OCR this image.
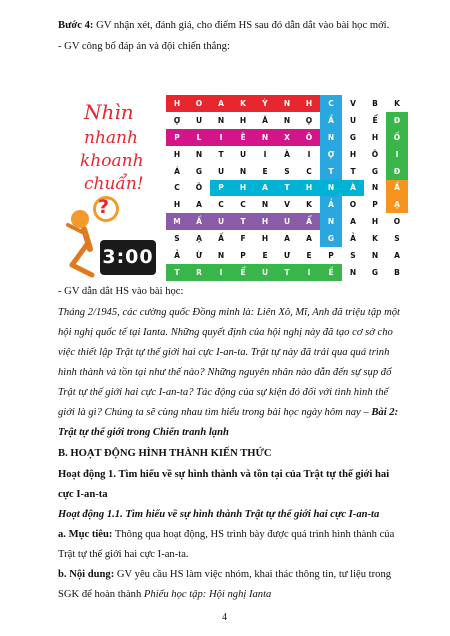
Bước 4: GV nhận xét, đánh giá, cho điểm HS sau đó dẫn dắt vào bài học mới.
- GV công bố đáp án và đội chiến thắng:
Nhìn
nhanh
khoanh
chuẩn!
?
3:00
H	O	A	K	Ỳ	N	H	C	V	B	K
Ợ	U	N	H	Ă	N	Ọ	Ầ	U	Ể	Đ
P	L	I	Ê	N	X	Ô	N	G	H	Ố
H	N	T	U	I	À	I	Ợ	H	Ô	I
Á	G	U	N	E	S	C	T	T	G	Đ
C	Ô	P	H	A	T	H	N	À	N	Ấ
H	A	C	C	N	V	K	Ả	O	P	Ạ
M	Ấ	U	T	H	U	Ẩ	N	A	H	O
S	Ạ	Ấ	F	H	A	A	G	Ả	K	S
Ả	Ừ	N	P	E	Ư	E	P	S	N	A
T	R	I	Ể	U	T	I	Ề	N	G	B
- GV dẫn dắt HS vào bài học:
Tháng 2/1945, các cường quốc Đồng minh là: Liên Xô, Mĩ, Anh đã triệu tập một
hội nghị quốc tế tại Ianta. Những quyết định của hội nghị này đã tạo cơ sở cho
việc thiết lập Trật tự thế giới hai cực I-an-ta. Trật tự này đã trải qua quá trình
hình thành và tồn tại như thế nào? Những nguyên nhân nào dẫn đến sự sụp đổ
Trật tự thế giới hai cực I-an-ta? Tác động của sự kiện đó đối với tình hình thế
giới là gì? Chúng ta sẽ cùng nhau tìm hiểu trong bài học ngày hôm nay – Bài 2:
Trật tự thế giới trong Chiến tranh lạnh
B. HOẠT ĐỘNG HÌNH THÀNH KIẾN THỨC
Hoạt động 1. Tìm hiểu về sự hình thành và tồn tại của Trật tự thế giới hai
cực I-an-ta
Hoạt động 1.1. Tìm hiểu về sự hình thành Trật tự thế giới hai cực I-an-ta
a. Mục tiêu: Thông qua hoạt động, HS trình bày được quá trình hình thành của
Trật tự thế giới hai cực I-an-ta.
b. Nội dung: GV yêu cầu HS làm việc nhóm, khai thác thông tin, tư liệu trong
SGK để hoàn thành Phiếu học tập: Hội nghị Ianta
4
